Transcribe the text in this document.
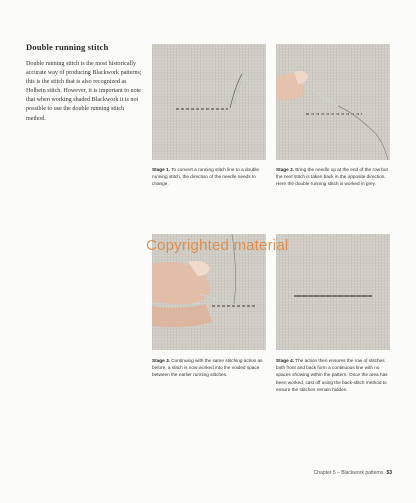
Double running stitch
Double running stitch is the most historically accurate way of producing Blackwork patterns; this is the stitch that is also recognized as Holbein stitch. However, it is important to note that when working shaded Blackwork it is not possible to use the double running stitch method.
Stage 1. To convert a running stitch line to a double running stitch, the direction of the needle needs to change.
Stage 2. Bring the needle up at the end of the row but the next stitch is taken back in the opposite direction. Here the double running stitch is worked in grey.
Stage 3. Continuing with the same stitching action as before, a stitch is now worked into the voided space between the earlier running stitches.
Stage 4. The action then ensures the row of stitches both front and back form a continuous line with no spaces showing within the pattern. Once the area has been worked, cast off using the back-stitch method to ensure the stitches remain hidden.
Copyrighted material
Chapter 5 – Blackwork patterns 53
